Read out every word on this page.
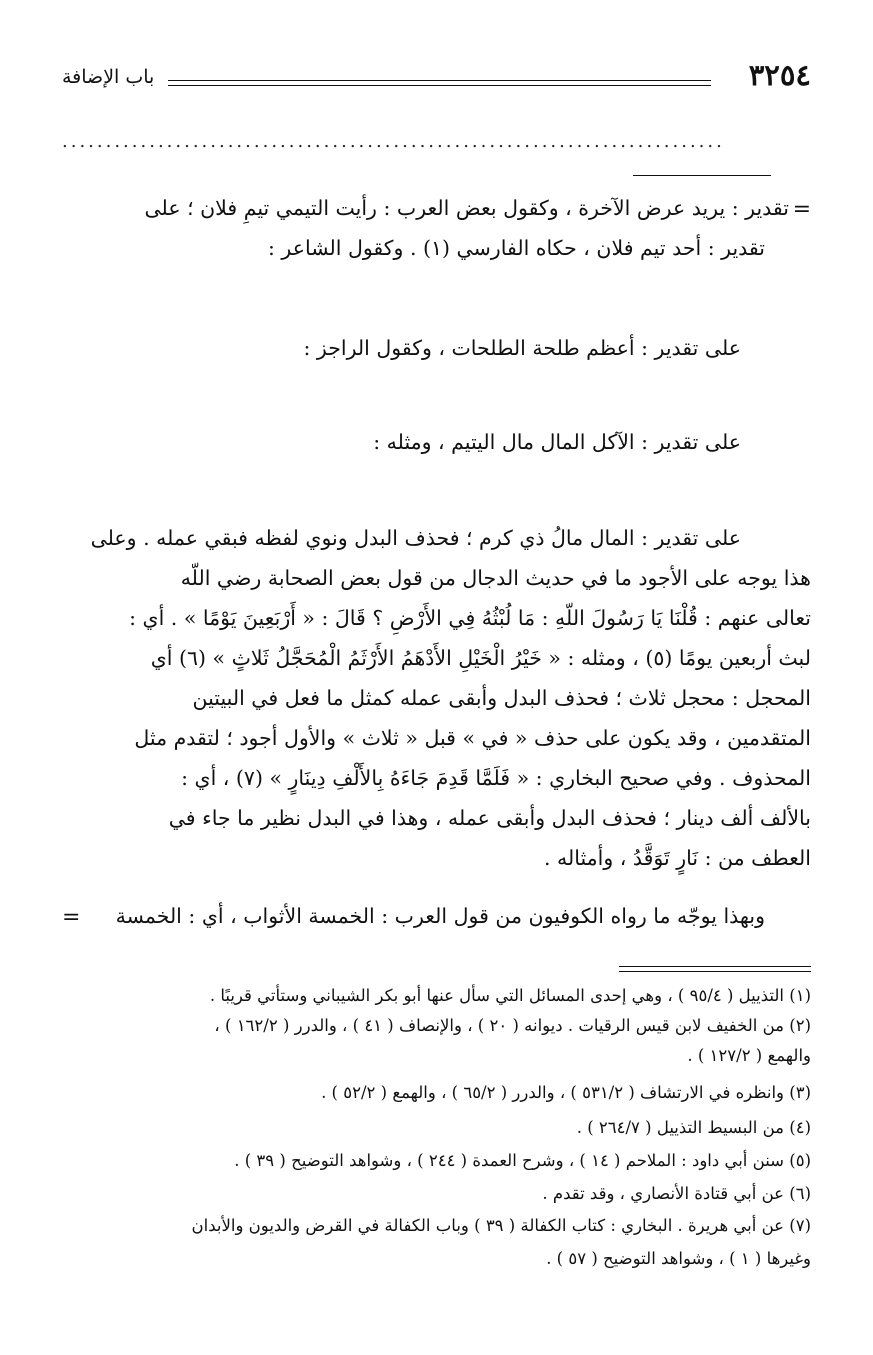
٣٢٥٤
باب الإضافة
............................................................................
=
تقدير : يريد عرض الآخرة ، وكقول بعض العرب : رأيت التيمي تيمِ فلان ؛ على
تقدير : أحد تيم فلان ، حكاه الفارسي (١) . وكقول الشاعر :
على تقدير : أعظم طلحة الطلحات ، وكقول الراجز :
على تقدير : الآكل المال مال اليتيم ، ومثله :
على تقدير : المال مالُ ذي كرم ؛ فحذف البدل ونوي لفظه فبقي عمله . وعلى
هذا يوجه على الأجود ما في حديث الدجال من قول بعض الصحابة رضي اللّه
تعالى عنهم : قُلْنَا يَا رَسُولَ اللّهِ : مَا لُبْثُهُ فِي الأَرْضِ ؟ قَالَ : « أَرْبَعِينَ يَوْمًا » . أي :
لبث أربعين يومًا (٥) ، ومثله : « خَيْرُ الْخَيْلِ الأَدْهَمُ الأَرْثَمُ الْمُحَجَّلُ ثَلاثٍ » (٦) أي
المحجل : محجل ثلاث ؛ فحذف البدل وأبقى عمله كمثل ما فعل في البيتين
المتقدمين ، وقد يكون على حذف « في » قبل « ثلاث » والأول أجود ؛ لتقدم مثل
المحذوف . وفي صحيح البخاري : « فَلَمَّا قَدِمَ جَاءَهُ بِالأَلْفِ دِينَارٍ » (٧) ، أي :
بالألف ألف دينار ؛ فحذف البدل وأبقى عمله ، وهذا في البدل نظير ما جاء في
العطف من : نَارٍ تَوَقَّدُ ، وأمثاله .
وبهذا يوجّه ما رواه الكوفيون من قول العرب : الخمسة الأثواب ، أي : الخمسة
=
(١) التذييل ( ٩٥/٤ ) ، وهي إحدى المسائل التي سأل عنها أبو بكر الشيباني وستأتي قريبًا .
(٢) من الخفيف لابن قيس الرقيات . ديوانه ( ٢٠ ) ، والإنصاف ( ٤١ ) ، والدرر ( ١٦٢/٢ ) ،
والهمع ( ١٢٧/٢ ) .
(٣) وانظره في الارتشاف ( ٥٣١/٢ ) ، والدرر ( ٦٥/٢ ) ، والهمع ( ٥٢/٢ ) .
(٤) من البسيط التذييل ( ٢٦٤/٧ ) .
(٥) سنن أبي داود : الملاحم ( ١٤ ) ، وشرح العمدة ( ٢٤٤ ) ، وشواهد التوضيح ( ٣٩ ) .
(٦) عن أبي قتادة الأنصاري ، وقد تقدم .
(٧) عن أبي هريرة . البخاري : كتاب الكفالة ( ٣٩ ) وباب الكفالة في القرض والديون والأبدان
وغيرها ( ١ ) ، وشواهد التوضيح ( ٥٧ ) .
